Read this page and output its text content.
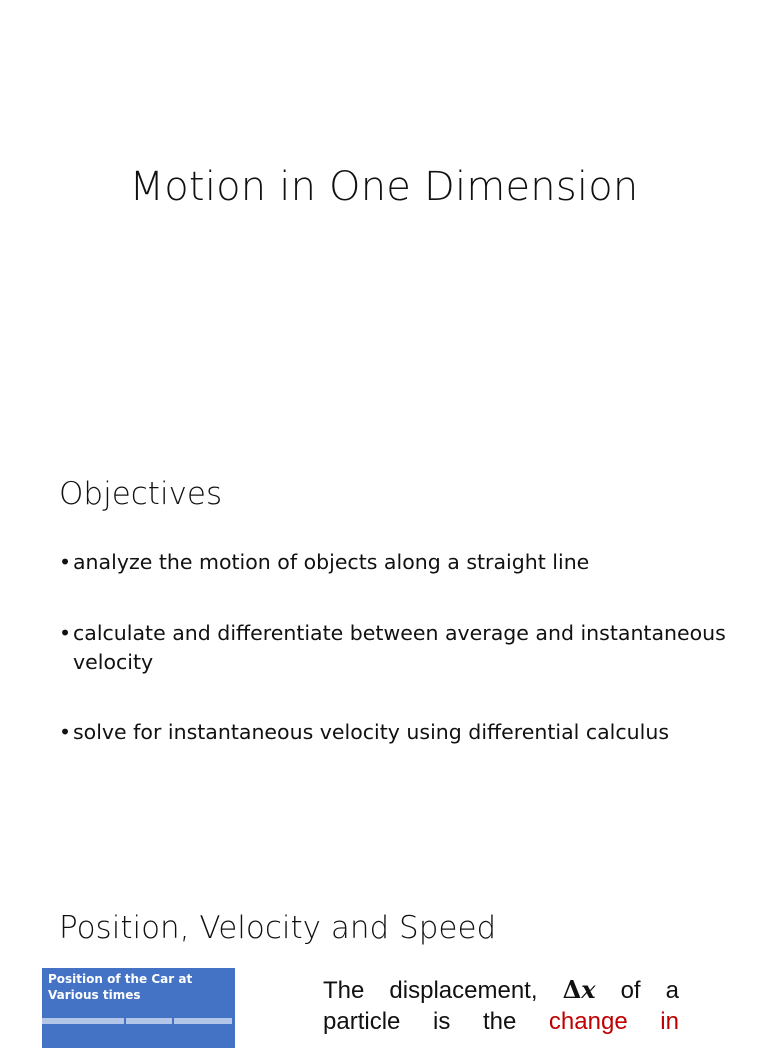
Motion in One Dimension
Objectives
•analyze the motion of objects along a straight line
•calculate and differentiate between average and instantaneous velocity
•solve for instantaneous velocity using differential calculus
Position, Velocity and Speed
Position of the Car at Various times	The displacement, Δx of a
particle is the change in
